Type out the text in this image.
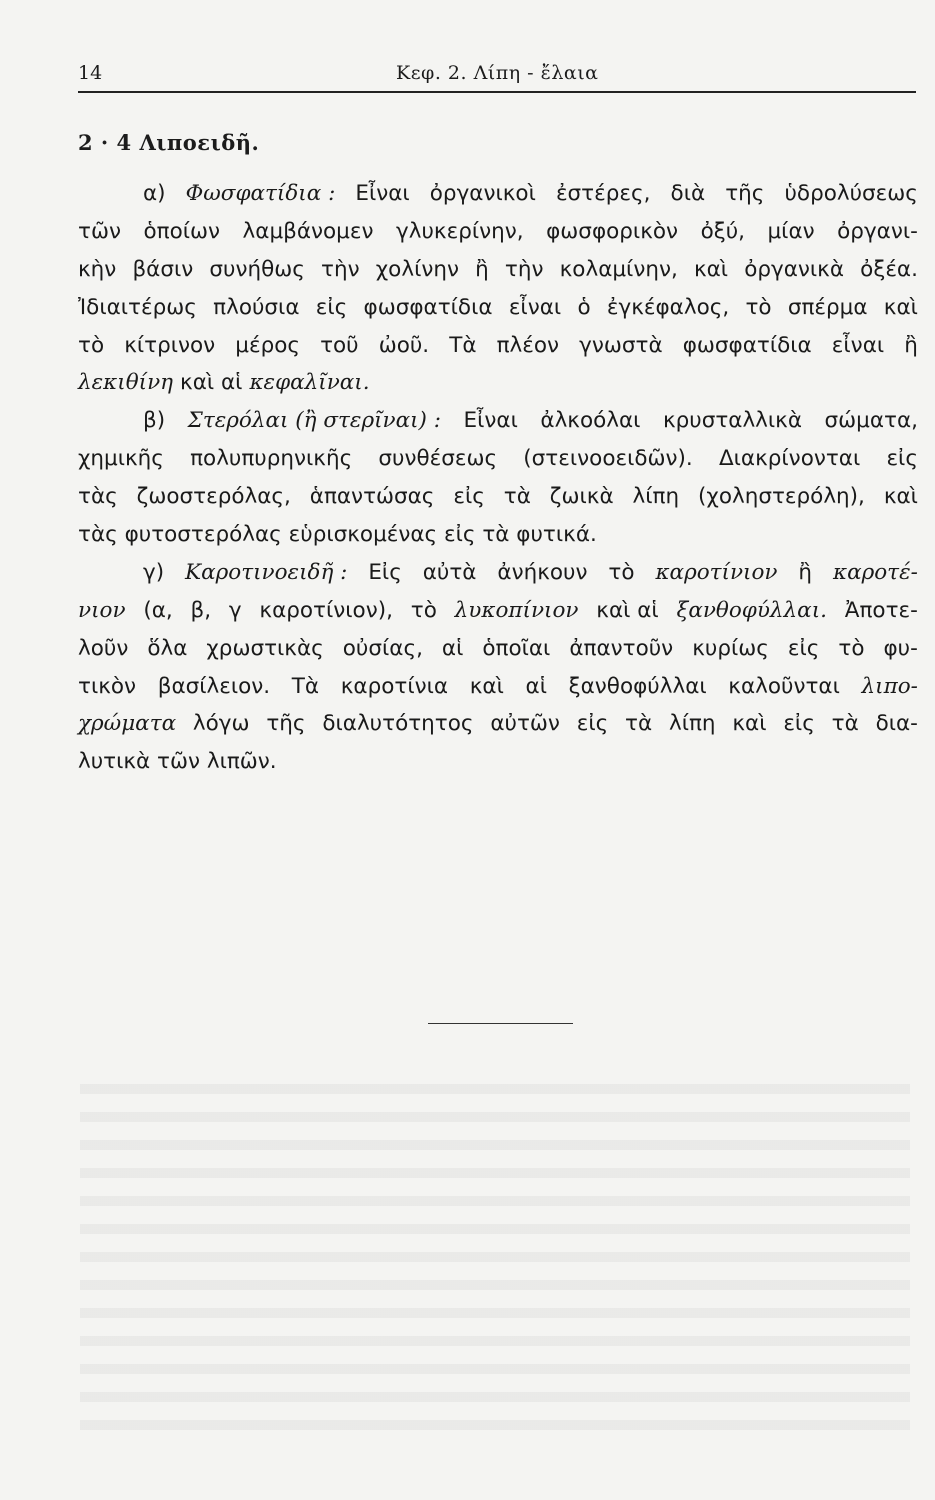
14	Κεφ. 2. Λίπη - ἔλαια
2 · 4 Λιποειδῆ.
α) Φωσφατίδια : Εἶναι ὀργανικοὶ ἐστέρες, διὰ τῆς ὑδρολύσεως
τῶν ὁποίων λαμβάνομεν γλυκερίνην, φωσφορικὸν ὀξύ, μίαν ὀργανι-
κὴν βάσιν συνήθως τὴν χολίνην ἢ τὴν κολαμίνην, καὶ ὀργανικὰ ὀξέα.
Ἰδιαιτέρως πλούσια εἰς φωσφατίδια εἶναι ὁ ἐγκέφαλος, τὸ σπέρμα καὶ
τὸ κίτρινον μέρος τοῦ ὠοῦ. Τὰ πλέον γνωστὰ φωσφατίδια εἶναι ἢ
λεκιθίνη καὶ αἱ κεφαλῖναι.
β) Στερόλαι (ἢ στερῖναι) : Εἶναι ἀλκοόλαι κρυσταλλικὰ σώματα,
χημικῆς πολυπυρηνικῆς συνθέσεως (στεινοοειδῶν). Διακρίνονται εἰς
τὰς ζωοστερόλας, ἁπαντώσας εἰς τὰ ζωικὰ λίπη (χοληστερόλη), καὶ
τὰς φυτοστερόλας εὑρισκομένας εἰς τὰ φυτικά.
γ) Καροτινοειδῆ : Εἰς αὐτὰ ἀνήκουν τὸ καροτίνιον ἢ καροτέ-
νιον (α, β, γ καροτίνιον), τὸ λυκοπίνιον καὶ αἱ ξανθοφύλλαι. Ἀποτε-
λοῦν ὅλα χρωστικὰς οὐσίας, αἱ ὁποῖαι ἀπαντοῦν κυρίως εἰς τὸ φυ-
τικὸν βασίλειον. Τὰ καροτίνια καὶ αἱ ξανθοφύλλαι καλοῦνται λιπο-
χρώματα λόγω τῆς διαλυτότητος αὐτῶν εἰς τὰ λίπη καὶ εἰς τὰ δια-
λυτικὰ τῶν λιπῶν.
